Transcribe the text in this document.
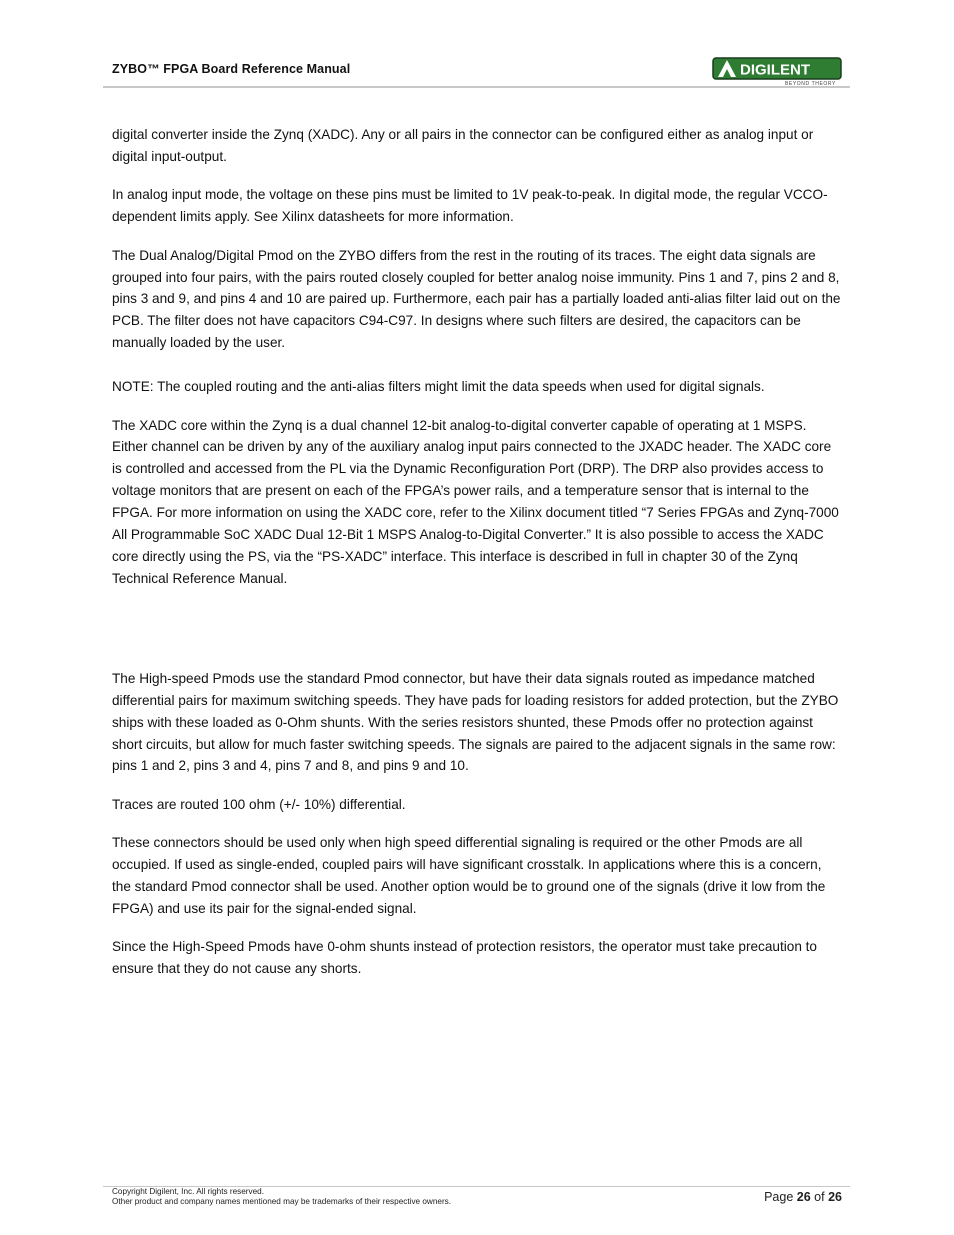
ZYBO™ FPGA Board Reference Manual	DIGILENT
BEYOND THEORY

digital converter inside the Zynq (XADC). Any or all pairs in the connector can be configured either as analog input or digital input-output.

In analog input mode, the voltage on these pins must be limited to 1V peak-to-peak. In digital mode, the regular VCCO-dependent limits apply. See Xilinx datasheets for more information.

The Dual Analog/Digital Pmod on the ZYBO differs from the rest in the routing of its traces. The eight data signals are grouped into four pairs, with the pairs routed closely coupled for better analog noise immunity. Pins 1 and 7, pins 2 and 8, pins 3 and 9, and pins 4 and 10 are paired up. Furthermore, each pair has a partially loaded anti-alias filter laid out on the PCB. The filter does not have capacitors C94-C97. In designs where such filters are desired, the capacitors can be manually loaded by the user.

NOTE: The coupled routing and the anti-alias filters might limit the data speeds when used for digital signals.

The XADC core within the Zynq is a dual channel 12-bit analog-to-digital converter capable of operating at 1 MSPS. Either channel can be driven by any of the auxiliary analog input pairs connected to the JXADC header. The XADC core is controlled and accessed from the PL via the Dynamic Reconfiguration Port (DRP). The DRP also provides access to voltage monitors that are present on each of the FPGA’s power rails, and a temperature sensor that is internal to the FPGA. For more information on using the XADC core, refer to the Xilinx document titled “7 Series FPGAs and Zynq-7000 All Programmable SoC XADC Dual 12-Bit 1 MSPS Analog-to-Digital Converter.” It is also possible to access the XADC core directly using the PS, via the “PS-XADC” interface. This interface is described in full in chapter 30 of the Zynq Technical Reference Manual.

The High-speed Pmods use the standard Pmod connector, but have their data signals routed as impedance matched differential pairs for maximum switching speeds. They have pads for loading resistors for added protection, but the ZYBO ships with these loaded as 0-Ohm shunts. With the series resistors shunted, these Pmods offer no protection against short circuits, but allow for much faster switching speeds. The signals are paired to the adjacent signals in the same row: pins 1 and 2, pins 3 and 4, pins 7 and 8, and pins 9 and 10.

Traces are routed 100 ohm (+/- 10%) differential.

These connectors should be used only when high speed differential signaling is required or the other Pmods are all occupied. If used as single-ended, coupled pairs will have significant crosstalk. In applications where this is a concern, the standard Pmod connector shall be used. Another option would be to ground one of the signals (drive it low from the FPGA) and use its pair for the signal-ended signal.

Since the High-Speed Pmods have 0-ohm shunts instead of protection resistors, the operator must take precaution to ensure that they do not cause any shorts.

Copyright Digilent, Inc. All rights reserved.
Other product and company names mentioned may be trademarks of their respective owners.	Page 26 of 26
